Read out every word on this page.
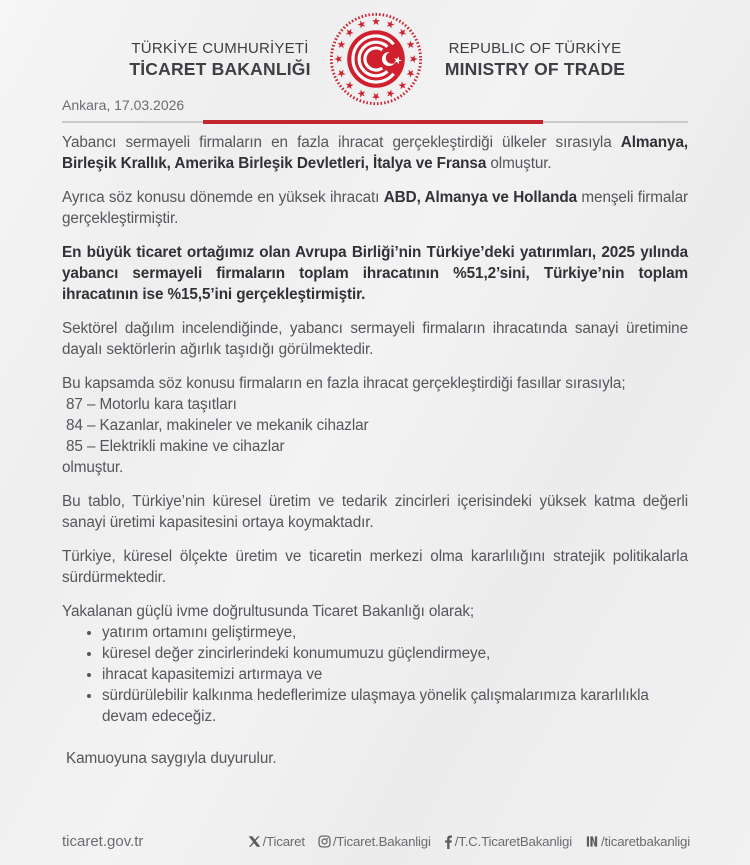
TÜRKİYE CUMHURİYETİ
TİCARET BAKANLIĞI
REPUBLIC OF TÜRKİYE
MINISTRY OF TRADE
Ankara, 17.03.2026

Yabancı sermayeli firmaların en fazla ihracat gerçekleştirdiği ülkeler sırasıyla Almanya, Birleşik Krallık, Amerika Birleşik Devletleri, İtalya ve Fransa olmuştur.

Ayrıca söz konusu dönemde en yüksek ihracatı ABD, Almanya ve Hollanda menşeli firmalar gerçekleştirmiştir.

En büyük ticaret ortağımız olan Avrupa Birliği’nin Türkiye’deki yatırımları, 2025 yılında yabancı sermayeli firmaların toplam ihracatının %51,2’sini, Türkiye’nin toplam ihracatının ise %15,5’ini gerçekleştirmiştir.

Sektörel dağılım incelendiğinde, yabancı sermayeli firmaların ihracatında sanayi üretimine dayalı sektörlerin ağırlık taşıdığı görülmektedir.

Bu kapsamda söz konusu firmaların en fazla ihracat gerçekleştirdiği fasıllar sırasıyla;
87 – Motorlu kara taşıtları
84 – Kazanlar, makineler ve mekanik cihazlar
85 – Elektrikli makine ve cihazlar
olmuştur.

Bu tablo, Türkiye’nin küresel üretim ve tedarik zincirleri içerisindeki yüksek katma değerli sanayi üretimi kapasitesini ortaya koymaktadır.

Türkiye, küresel ölçekte üretim ve ticaretin merkezi olma kararlılığını stratejik politikalarla sürdürmektedir.

Yakalanan güçlü ivme doğrultusunda Ticaret Bakanlığı olarak;

• yatırım ortamını geliştirmeye,
• küresel değer zincirlerindeki konumumuzu güçlendirmeye,
• ihracat kapasitemizi artırmaya ve
• sürdürülebilir kalkınma hedeflerimize ulaşmaya yönelik çalışmalarımıza kararlılıkla devam edeceğiz.

Kamuoyuna saygıyla duyurulur.

ticaret.gov.tr	/Ticaret /Ticaret.Bakanligi /T.C.TicaretBakanligi /ticaretbakanligi
